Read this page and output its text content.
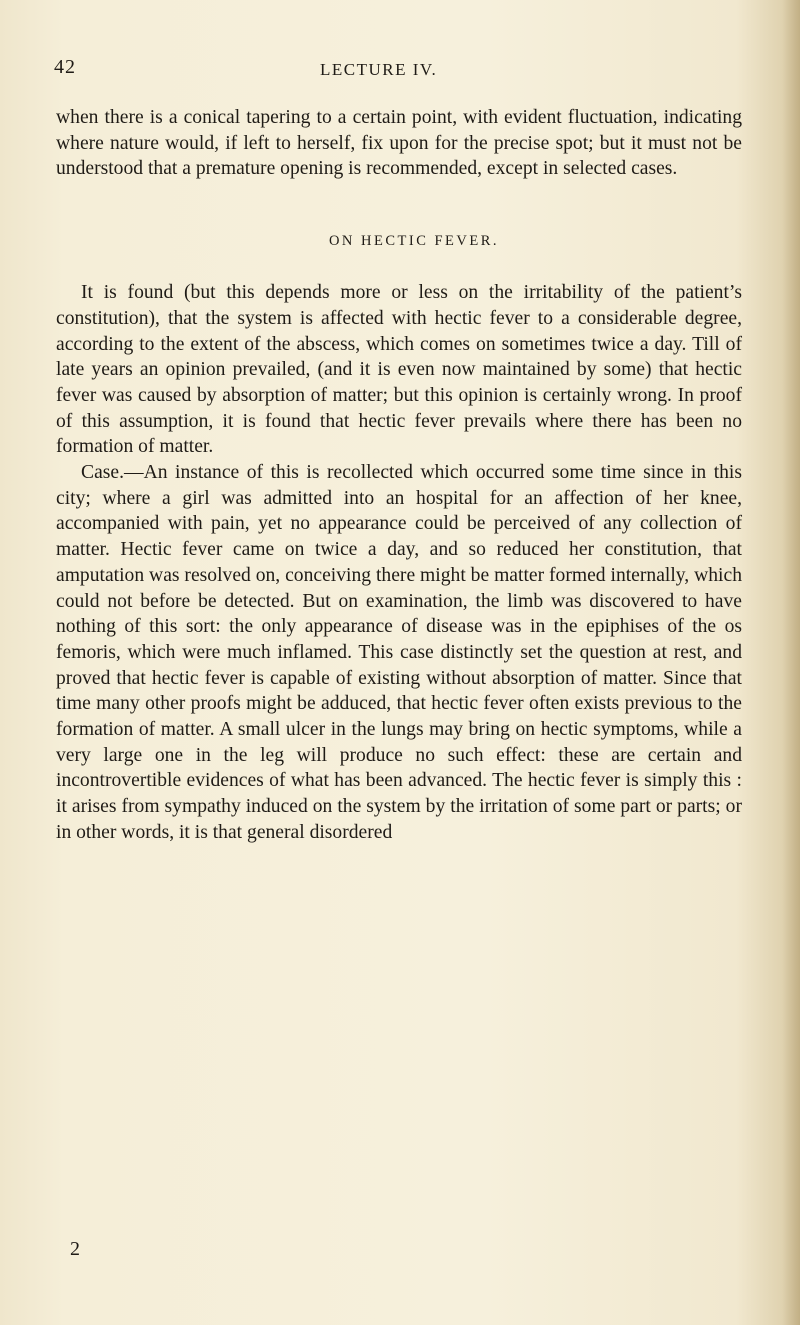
42	LECTURE IV.

when there is a conical tapering to a certain point, with evident fluctuation, indicating where nature would, if left to herself, fix upon for the precise spot; but it must not be understood that a premature opening is recommended, except in selected cases.

ON HECTIC FEVER.

It is found (but this depends more or less on the irritability of the patient’s constitution), that the system is affected with hectic fever to a considerable degree, according to the extent of the abscess, which comes on sometimes twice a day. Till of late years an opinion prevailed, (and it is even now maintained by some) that hectic fever was caused by absorption of matter; but this opinion is certainly wrong. In proof of this assumption, it is found that hectic fever prevails where there has been no formation of matter.

Case.—An instance of this is recollected which occurred some time since in this city; where a girl was admitted into an hospital for an affection of her knee, accompanied with pain, yet no appearance could be perceived of any collection of matter. Hectic fever came on twice a day, and so reduced her constitution, that amputation was resolved on, conceiving there might be matter formed internally, which could not before be detected. But on examination, the limb was discovered to have nothing of this sort: the only appearance of disease was in the epiphises of the os femoris, which were much inflamed. This case distinctly set the question at rest, and proved that hectic fever is capable of existing without absorption of matter. Since that time many other proofs might be adduced, that hectic fever often exists previous to the formation of matter. A small ulcer in the lungs may bring on hectic symptoms, while a very large one in the leg will produce no such effect: these are certain and incontrovertible evidences of what has been advanced. The hectic fever is simply this : it arises from sympathy induced on the system by the irritation of some part or parts; or in other words, it is that general disordered

2
